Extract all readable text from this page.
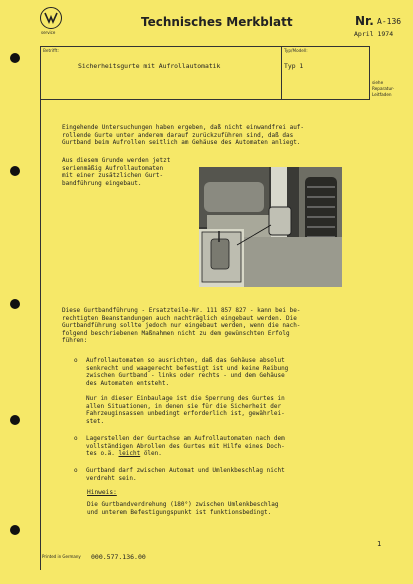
service
Technisches Merkblatt	Nr. A-136
April 1974
Betrifft:
Sicherheitsgurte mit Aufrollautomatik
Typ/Modell:
Typ 1
siehe
Reparatur-
Leitfaden
Eingehende Untersuchungen haben ergeben, daß nicht einwandfrei auf-
rollende Gurte unter anderem darauf zurückzuführen sind, daß das
Gurtband beim Aufrollen seitlich am Gehäuse des Automaten anliegt.
Aus diesem Grunde werden jetzt
serienmäßig Aufrollautomaten
mit einer zusätzlichen Gurt-
bandführung eingebaut.
Diese Gurtbandführung - Ersatzteile-Nr. 111 857 827 - kann bei be-
rechtigten Beanstandungen auch nachträglich eingebaut werden. Die
Gurtbandführung sollte jedoch nur eingebaut werden, wenn die nach-
folgend beschriebenen Maßnahmen nicht zu dem gewünschten Erfolg
führen:
o Aufrollautomaten so ausrichten, daß das Gehäuse absolut
senkrecht und waagerecht befestigt ist und keine Reibung
zwischen Gurtband - links oder rechts - und dem Gehäuse
des Automaten entsteht.
Nur in dieser Einbaulage ist die Sperrung des Gurtes in
allen Situationen, in denen sie für die Sicherheit der
Fahrzeuginsassen unbedingt erforderlich ist, gewährlei-
stet.
o Lagerstellen der Gurtachse am Aufrollautomaten nach dem
vollständigen Abrollen des Gurtes mit Hilfe eines Doch-
tes o.ä. leicht ölen.
o Gurtband darf zwischen Automat und Umlenkbeschlag nicht
verdreht sein.
Hinweis:
Die Gurtbandverdrehung (180°) zwischen Umlenkbeschlag
und unterem Befestigungspunkt ist funktionsbedingt.
1
Printed in Germany 000.577.136.00
